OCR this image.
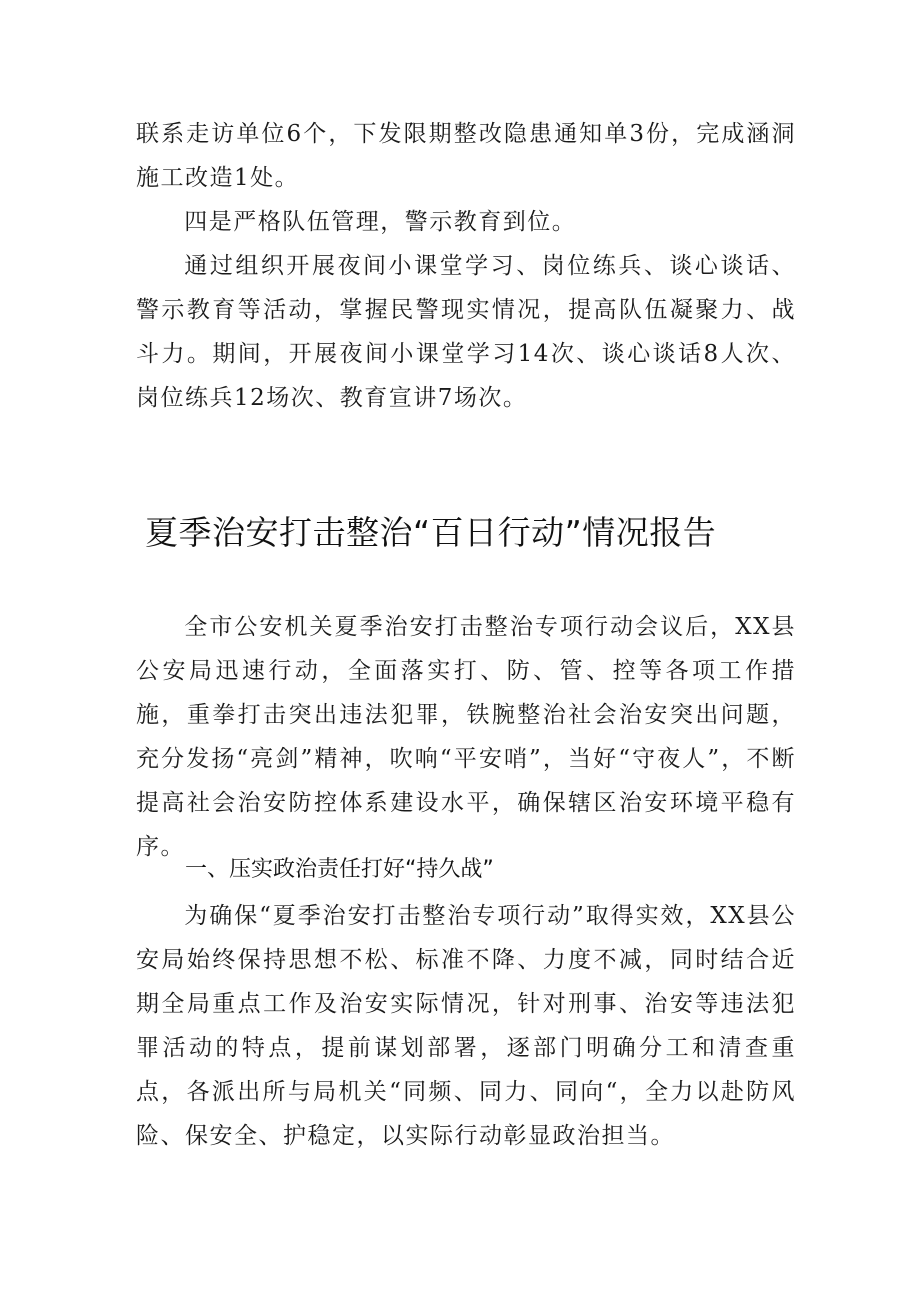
联系走访单位6个，下发限期整改隐患通知单3份，完成涵洞施工改造1处。

四是严格队伍管理，警示教育到位。

通过组织开展夜间小课堂学习、岗位练兵、谈心谈话、警示教育等活动，掌握民警现实情况，提高队伍凝聚力、战斗力。期间，开展夜间小课堂学习14次、谈心谈话8人次、岗位练兵12场次、教育宣讲7场次。

夏季治安打击整治“百日行动”情况报告

全市公安机关夏季治安打击整治专项行动会议后，XX县公安局迅速行动，全面落实打、防、管、控等各项工作措施，重拳打击突出违法犯罪，铁腕整治社会治安突出问题，充分发扬“亮剑”精神，吹响“平安哨”，当好“守夜人”，不断提高社会治安防控体系建设水平，确保辖区治安环境平稳有序。

一、压实政治责任打好“持久战”

为确保“夏季治安打击整治专项行动”取得实效，XX县公安局始终保持思想不松、标准不降、力度不减，同时结合近期全局重点工作及治安实际情况，针对刑事、治安等违法犯罪活动的特点，提前谋划部署，逐部门明确分工和清查重点，各派出所与局机关“同频、同力、同向“，全力以赴防风险、保安全、护稳定，以实际行动彰显政治担当。
